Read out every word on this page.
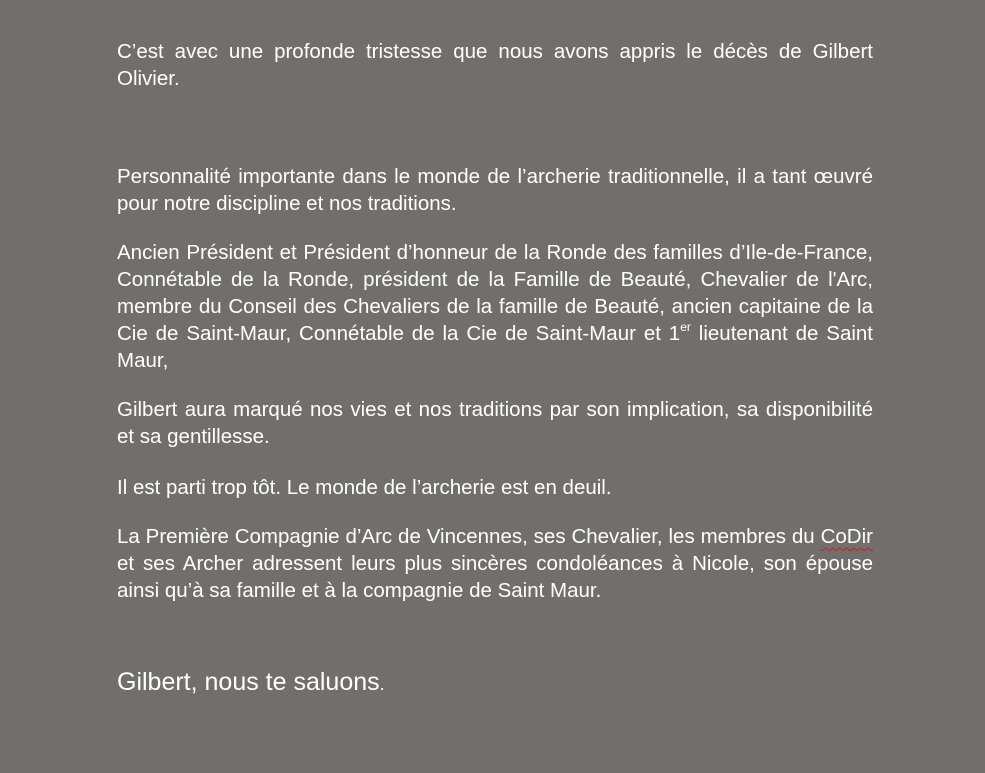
C’est avec une profonde tristesse que nous avons appris le décès de Gilbert Olivier.

Personnalité importante dans le monde de l’archerie traditionnelle, il a tant œuvré pour notre discipline et nos traditions.

Ancien Président et Président d’honneur de la Ronde des familles d’Ile-de-France, Connétable de la Ronde, président de la Famille de Beauté, Chevalier de l'Arc, membre du Conseil des Chevaliers de la famille de Beauté, ancien capitaine de la Cie de Saint-Maur, Connétable de la Cie de Saint-Maur et 1er lieutenant de Saint Maur,

Gilbert aura marqué nos vies et nos traditions par son implication, sa disponibilité et sa gentillesse.

Il est parti trop tôt. Le monde de l’archerie est en deuil.

La Première Compagnie d’Arc de Vincennes, ses Chevalier, les membres du CoDir et ses Archer adressent leurs plus sincères condoléances à Nicole, son épouse ainsi qu’à sa famille et à la compagnie de Saint Maur.

Gilbert, nous te saluons.
